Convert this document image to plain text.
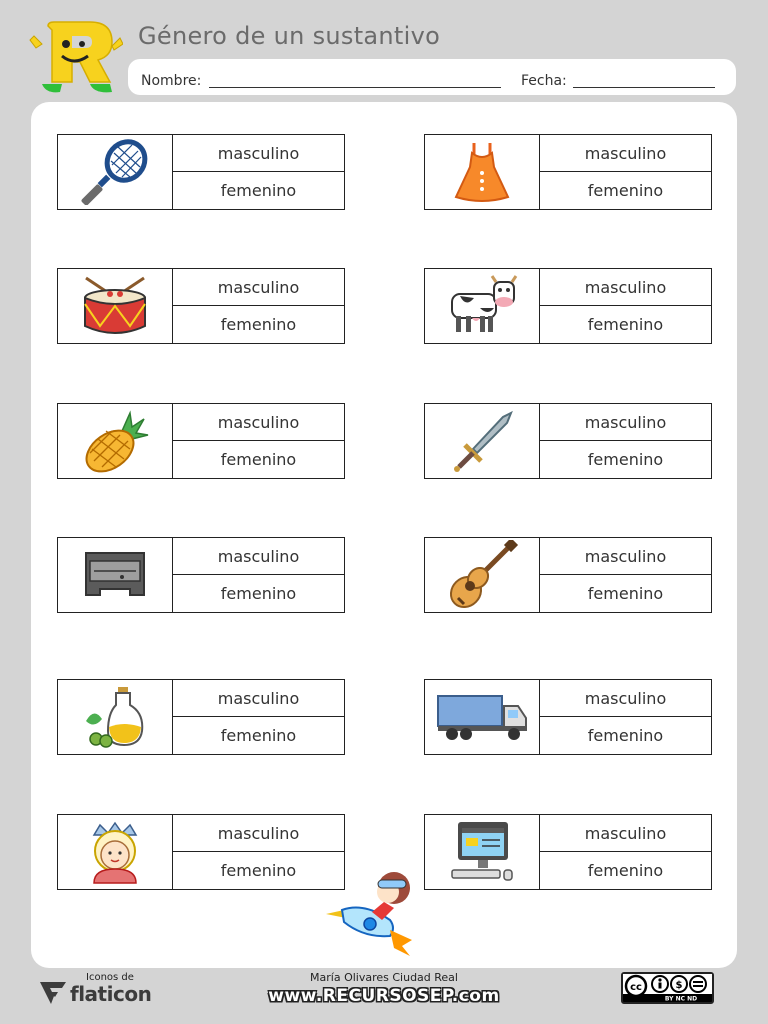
Género de un sustantivo
Nombre:	Fecha:
masculino
femenino
masculino
femenino
masculino
femenino
masculino
femenino
masculino
femenino
masculino
femenino
masculino
femenino
masculino
femenino
masculino
femenino
masculino
femenino
masculino
femenino
masculino
femenino
Iconos de
flaticon
María Olivares Ciudad Real
www.RECURSOSEP.com	cc	$
BY NC ND
